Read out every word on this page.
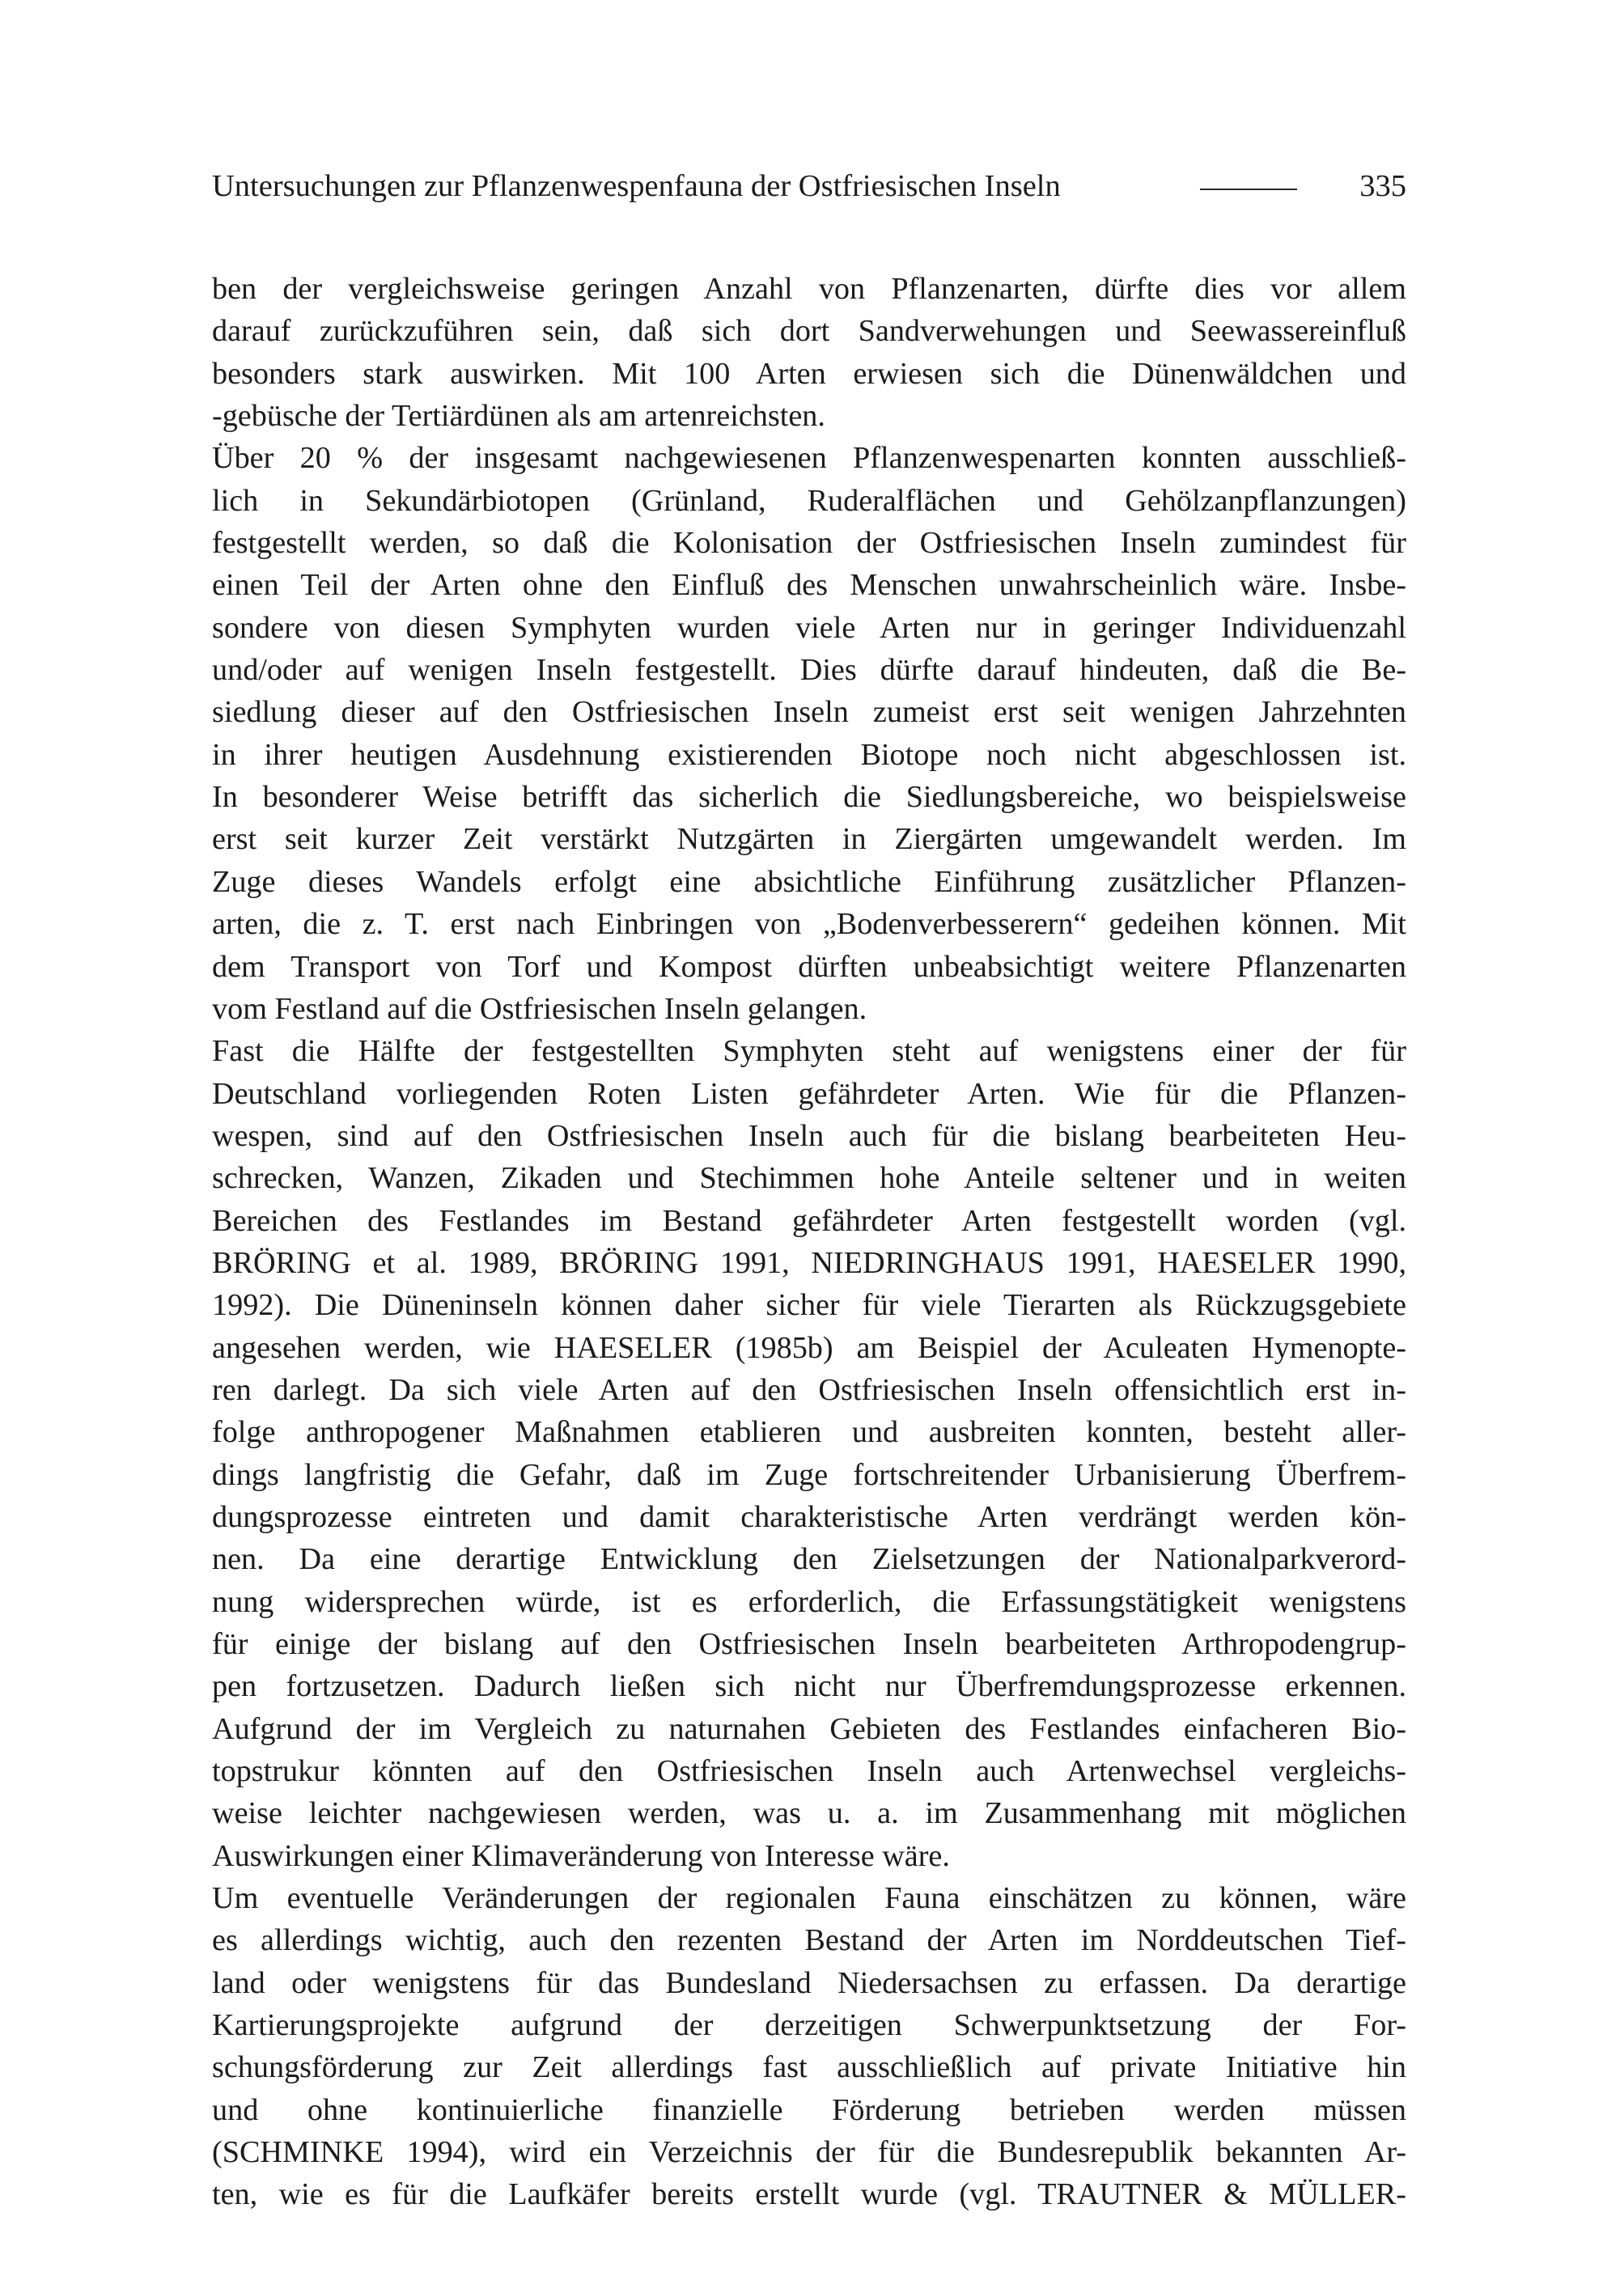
Untersuchungen zur Pflanzenwespenfauna der Ostfriesischen Inseln	335
ben der vergleichsweise geringen Anzahl von Pflanzenarten, dürfte dies vor allem
darauf zurückzuführen sein, daß sich dort Sandverwehungen und Seewassereinfluß
besonders stark auswirken. Mit 100 Arten erwiesen sich die Dünenwäldchen und
-gebüsche der Tertiärdünen als am artenreichsten.
Über 20 % der insgesamt nachgewiesenen Pflanzenwespenarten konnten ausschließ-
lich in Sekundärbiotopen (Grünland, Ruderalflächen und Gehölzanpflanzungen)
festgestellt werden, so daß die Kolonisation der Ostfriesischen Inseln zumindest für
einen Teil der Arten ohne den Einfluß des Menschen unwahrscheinlich wäre. Insbe-
sondere von diesen Symphyten wurden viele Arten nur in geringer Individuenzahl
und/oder auf wenigen Inseln festgestellt. Dies dürfte darauf hindeuten, daß die Be-
siedlung dieser auf den Ostfriesischen Inseln zumeist erst seit wenigen Jahrzehnten
in ihrer heutigen Ausdehnung existierenden Biotope noch nicht abgeschlossen ist.
In besonderer Weise betrifft das sicherlich die Siedlungsbereiche, wo beispielsweise
erst seit kurzer Zeit verstärkt Nutzgärten in Ziergärten umgewandelt werden. Im
Zuge dieses Wandels erfolgt eine absichtliche Einführung zusätzlicher Pflanzen-
arten, die z. T. erst nach Einbringen von „Bodenverbesserern“ gedeihen können. Mit
dem Transport von Torf und Kompost dürften unbeabsichtigt weitere Pflanzenarten
vom Festland auf die Ostfriesischen Inseln gelangen.
Fast die Hälfte der festgestellten Symphyten steht auf wenigstens einer der für
Deutschland vorliegenden Roten Listen gefährdeter Arten. Wie für die Pflanzen-
wespen, sind auf den Ostfriesischen Inseln auch für die bislang bearbeiteten Heu-
schrecken, Wanzen, Zikaden und Stechimmen hohe Anteile seltener und in weiten
Bereichen des Festlandes im Bestand gefährdeter Arten festgestellt worden (vgl.
BRÖRING et al. 1989, BRÖRING 1991, NIEDRINGHAUS 1991, HAESELER 1990,
1992). Die Düneninseln können daher sicher für viele Tierarten als Rückzugsgebiete
angesehen werden, wie HAESELER (1985b) am Beispiel der Aculeaten Hymenopte-
ren darlegt. Da sich viele Arten auf den Ostfriesischen Inseln offensichtlich erst in-
folge anthropogener Maßnahmen etablieren und ausbreiten konnten, besteht aller-
dings langfristig die Gefahr, daß im Zuge fortschreitender Urbanisierung Überfrem-
dungsprozesse eintreten und damit charakteristische Arten verdrängt werden kön-
nen. Da eine derartige Entwicklung den Zielsetzungen der Nationalparkverord-
nung widersprechen würde, ist es erforderlich, die Erfassungstätigkeit wenigstens
für einige der bislang auf den Ostfriesischen Inseln bearbeiteten Arthropodengrup-
pen fortzusetzen. Dadurch ließen sich nicht nur Überfremdungsprozesse erkennen.
Aufgrund der im Vergleich zu naturnahen Gebieten des Festlandes einfacheren Bio-
topstrukur könnten auf den Ostfriesischen Inseln auch Artenwechsel vergleichs-
weise leichter nachgewiesen werden, was u. a. im Zusammenhang mit möglichen
Auswirkungen einer Klimaveränderung von Interesse wäre.
Um eventuelle Veränderungen der regionalen Fauna einschätzen zu können, wäre
es allerdings wichtig, auch den rezenten Bestand der Arten im Norddeutschen Tief-
land oder wenigstens für das Bundesland Niedersachsen zu erfassen. Da derartige
Kartierungsprojekte aufgrund der derzeitigen Schwerpunktsetzung der For-
schungsförderung zur Zeit allerdings fast ausschließlich auf private Initiative hin
und ohne kontinuierliche finanzielle Förderung betrieben werden müssen
(SCHMINKE 1994), wird ein Verzeichnis der für die Bundesrepublik bekannten Ar-
ten, wie es für die Laufkäfer bereits erstellt wurde (vgl. TRAUTNER & MÜLLER-
